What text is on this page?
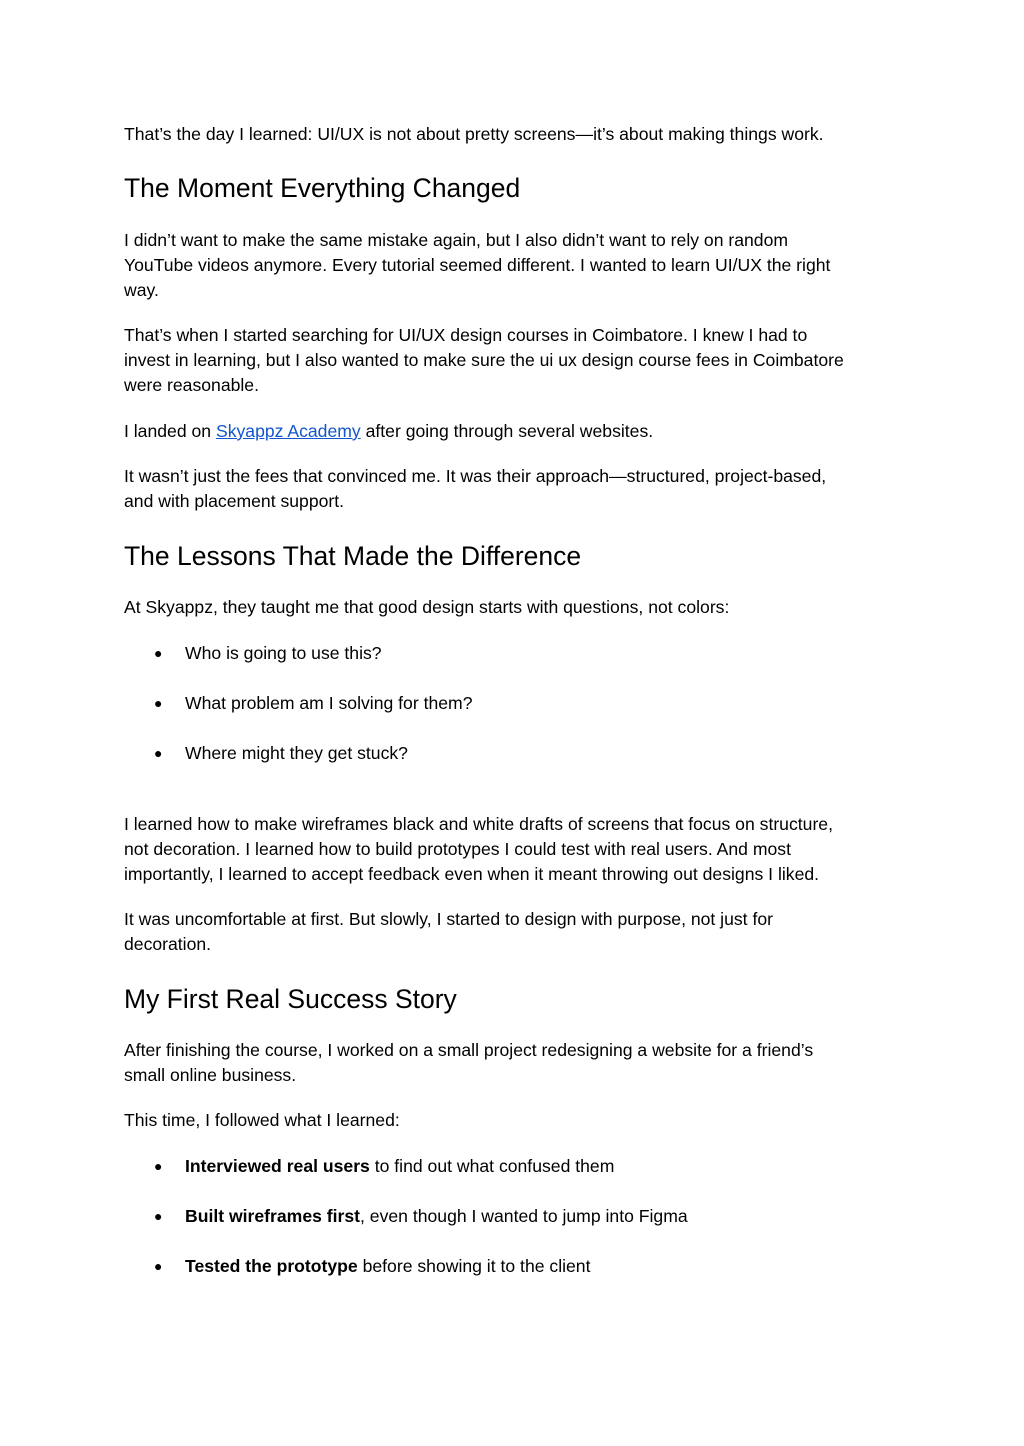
That’s the day I learned: UI/UX is not about pretty screens—it’s about making things work.

The Moment Everything Changed

I didn’t want to make the same mistake again, but I also didn’t want to rely on random

YouTube videos anymore. Every tutorial seemed different. I wanted to learn UI/UX the right

way.

That’s when I started searching for UI/UX design courses in Coimbatore. I knew I had to

invest in learning, but I also wanted to make sure the ui ux design course fees in Coimbatore

were reasonable.

I landed on Skyappz Academy after going through several websites.

It wasn’t just the fees that convinced me. It was their approach—structured, project-based,

and with placement support.

The Lessons That Made the Difference

At Skyappz, they taught me that good design starts with questions, not colors:

● Who is going to use this?
● What problem am I solving for them?
● Where might they get stuck?

I learned how to make wireframes black and white drafts of screens that focus on structure,

not decoration. I learned how to build prototypes I could test with real users. And most

importantly, I learned to accept feedback even when it meant throwing out designs I liked.

It was uncomfortable at first. But slowly, I started to design with purpose, not just for

decoration.

My First Real Success Story

After finishing the course, I worked on a small project redesigning a website for a friend’s

small online business.

This time, I followed what I learned:

● Interviewed real users to find out what confused them
● Built wireframes first, even though I wanted to jump into Figma
● Tested the prototype before showing it to the client
